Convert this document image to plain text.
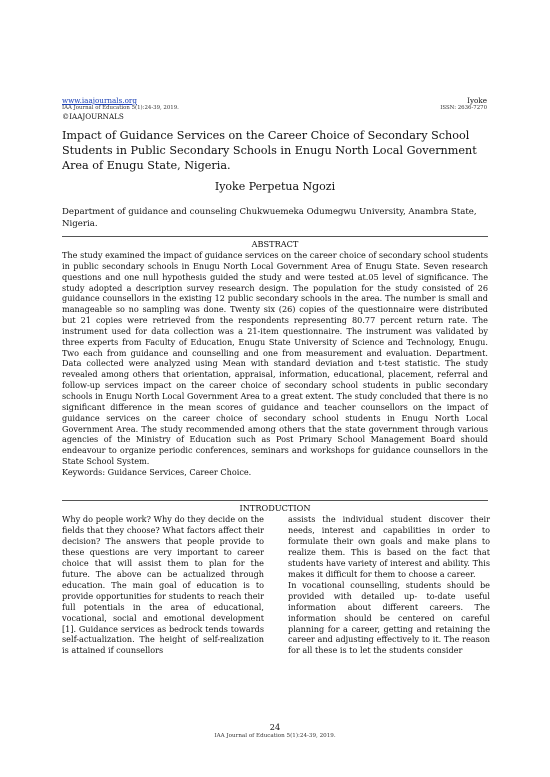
www.iaajournals.org	Iyoke
IAA Journal of Education 5(1):24-39, 2019.	ISSN: 2636-7270
©IAAJOURNALS
Impact of Guidance Services on the Career Choice of Secondary School Students in Public Secondary Schools in Enugu North Local Government Area of Enugu State, Nigeria.
Iyoke Perpetua Ngozi
Department of guidance and counseling Chukwuemeka Odumegwu University, Anambra State, Nigeria.
ABSTRACT

The study examined the impact of guidance services on the career choice of secondary school students in public secondary schools in Enugu North Local Government Area of Enugu State. Seven research questions and one null hypothesis guided the study and were tested at.05 level of significance. The study adopted a description survey research design. The population for the study consisted of 26 guidance counsellors in the existing 12 public secondary schools in the area. The number is small and manageable so no sampling was done. Twenty six (26) copies of the questionnaire were distributed but 21 copies were retrieved from the respondents representing 80.77 percent return rate. The instrument used for data collection was a 21-item questionnaire. The instrument was validated by three experts from Faculty of Education, Enugu State University of Science and Technology, Enugu. Two each from guidance and counselling and one from measurement and evaluation. Department. Data collected were analyzed using Mean with standard deviation and t-test statistic. The study revealed among others that orientation, appraisal, information, educational, placement, referral and follow-up services impact on the career choice of secondary school students in public secondary schools in Enugu North Local Government Area to a great extent. The study concluded that there is no significant difference in the mean scores of guidance and teacher counsellors on the impact of guidance services on the career choice of secondary school students in Enugu North Local Government Area. The study recommended among others that the state government through various agencies of the Ministry of Education such as Post Primary School Management Board should endeavour to organize periodic conferences, seminars and workshops for guidance counsellors in the State School System.

Keywords: Guidance Services, Career Choice.

INTRODUCTION

Why do people work? Why do they decide on the fields that they choose? What factors affect their decision? The answers that people provide to these questions are very important to career choice that will assist them to plan for the future. The above can be actualized through education. The main goal of education is to provide opportunities for students to reach their full potentials in the area of educational, vocational, social and emotional development [1]. Guidance services as bedrock tends towards self-actualization. The height of self-realization is attained if counsellors

assists the individual student discover their needs, interest and capabilities in order to formulate their own goals and make plans to realize them. This is based on the fact that students have variety of interest and ability. This makes it difficult for them to choose a career.

In vocational counselling, students should be provided with detailed up- to-date useful information about different careers. The information should be centered on careful planning for a career, getting and retaining the career and adjusting effectively to it. The reason for all these is to let the students consider

24
IAA Journal of Education 5(1):24-39, 2019.
